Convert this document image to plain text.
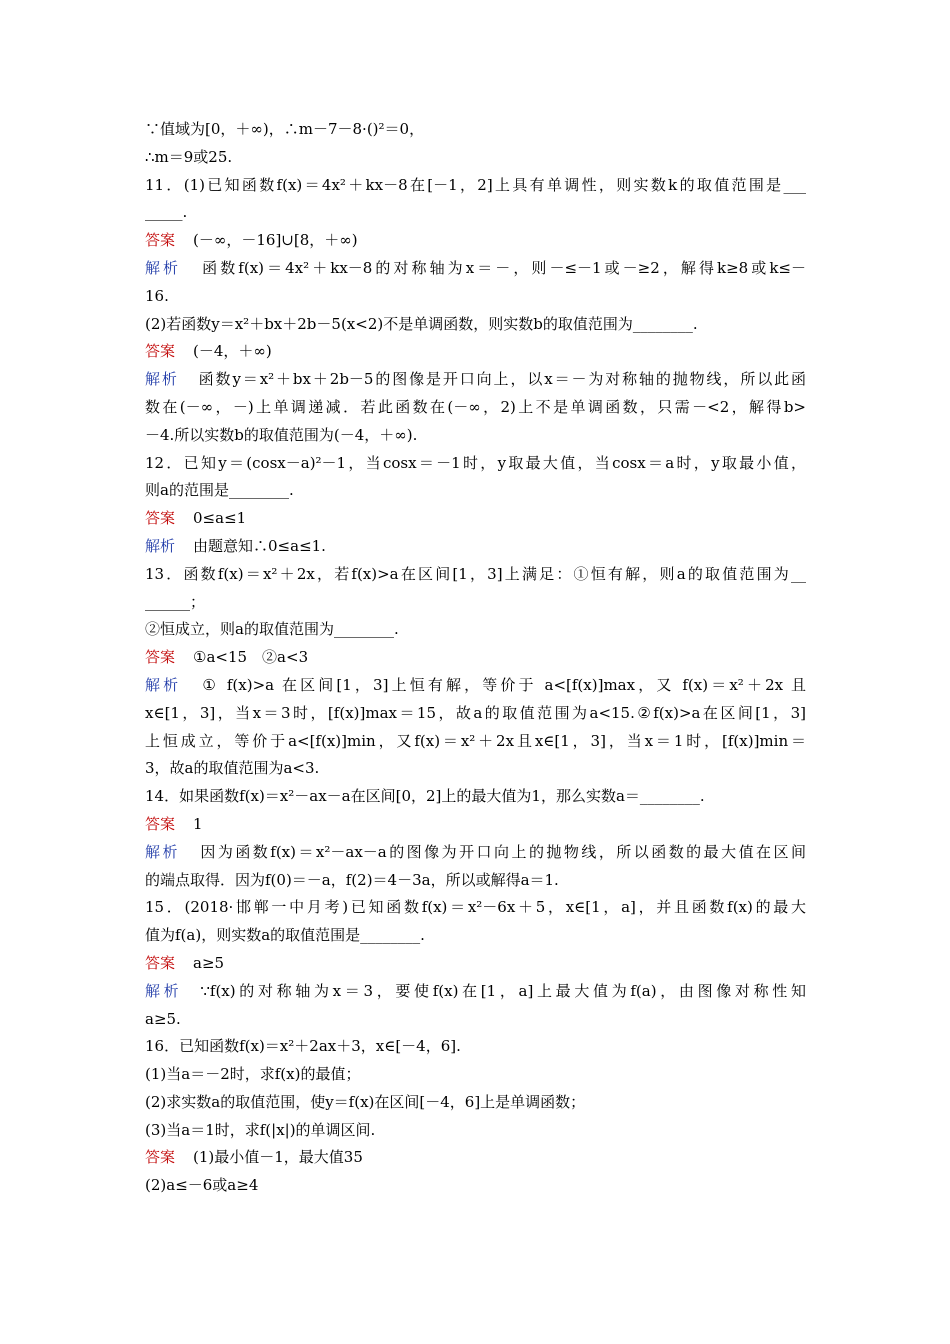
∵值域为[0，＋∞)，∴m－7－8·()²＝0，
∴m＝9或25.
11．(1)已知函数f(x)＝4x²＋kx－8在[－1，2]上具有单调性，则实数k的取值范围是___
_____.
答案 (－∞，－16]∪[8，＋∞)
解析 函数f(x)＝4x²＋kx－8的对称轴为x＝－，则－≤－1或－≥2，解得k≥8或k≤－
16.
(2)若函数y＝x²＋bx＋2b－5(x<2)不是单调函数，则实数b的取值范围为________.
答案 (－4，＋∞)
解析 函数y＝x²＋bx＋2b－5的图像是开口向上，以x＝－为对称轴的抛物线，所以此函
数在(－∞，－)上单调递减．若此函数在(－∞，2)上不是单调函数，只需－<2，解得b>
－4.所以实数b的取值范围为(－4，＋∞).
12．已知y＝(cosx－a)²－1，当cosx＝－1时，y取最大值，当cosx＝a时，y取最小值，
则a的范围是________.
答案 0≤a≤1
解析 由题意知∴0≤a≤1.
13．函数f(x)＝x²＋2x，若f(x)>a在区间[1，3]上满足：①恒有解，则a的取值范围为__
______；
②恒成立，则a的取值范围为________.
答案 ①a<15　②a<3
解析 ① f(x)>a 在区间[1，3]上恒有解，等价于 a<[f(x)]max，又 f(x)＝x²＋2x 且
x∈[1，3]，当x＝3时，[f(x)]max＝15，故a的取值范围为a<15.②f(x)>a在区间[1，3]
上恒成立，等价于a<[f(x)]min，又f(x)＝x²＋2x且x∈[1，3]，当x＝1时，[f(x)]min＝
3，故a的取值范围为a<3.
14．如果函数f(x)＝x²－ax－a在区间[0，2]上的最大值为1，那么实数a＝________.
答案 1
解析 因为函数f(x)＝x²－ax－a的图像为开口向上的抛物线，所以函数的最大值在区间
的端点取得．因为f(0)＝－a，f(2)＝4－3a，所以或解得a＝1.
15．(2018·邯郸一中月考)已知函数f(x)＝x²－6x＋5，x∈[1，a]，并且函数f(x)的最大
值为f(a)，则实数a的取值范围是________.
答案 a≥5
解析 ∵f(x)的对称轴为x＝3，要使f(x)在[1，a]上最大值为f(a)，由图像对称性知
a≥5.
16．已知函数f(x)＝x²＋2ax＋3，x∈[－4，6].
(1)当a＝－2时，求f(x)的最值；
(2)求实数a的取值范围，使y＝f(x)在区间[－4，6]上是单调函数；
(3)当a＝1时，求f(|x|)的单调区间.
答案 (1)最小值－1，最大值35
(2)a≤－6或a≥4
